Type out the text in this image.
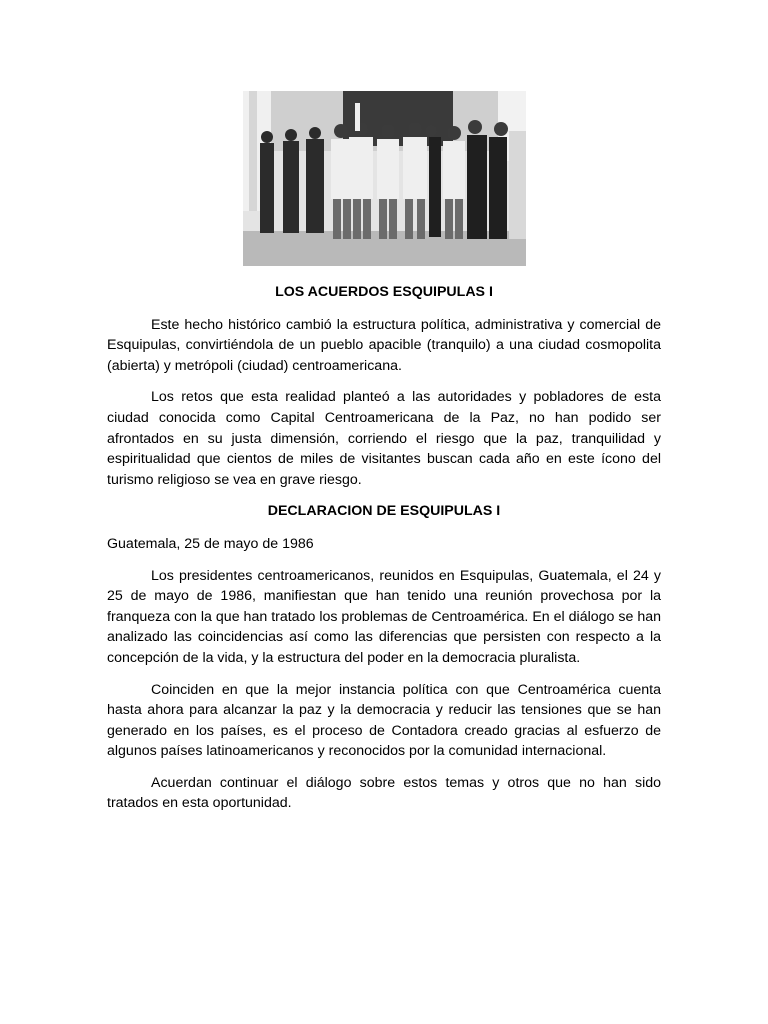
LOS ACUERDOS ESQUIPULAS I

Este hecho histórico cambió la estructura política, administrativa y comercial de Esquipulas, convirtiéndola de un pueblo apacible (tranquilo) a una ciudad cosmopolita (abierta) y metrópoli (ciudad) centroamericana.

Los retos que esta realidad planteó a las autoridades y pobladores de esta ciudad conocida como Capital Centroamericana de la Paz, no han podido ser afrontados en su justa dimensión, corriendo el riesgo que la paz, tranquilidad y espiritualidad que cientos de miles de visitantes buscan cada año en este ícono del turismo religioso se vea en grave riesgo.

DECLARACION DE ESQUIPULAS I

Guatemala, 25 de mayo de 1986

Los presidentes centroamericanos, reunidos en Esquipulas, Guatemala, el 24 y 25 de mayo de 1986, manifiestan que han tenido una reunión provechosa por la franqueza con la que han tratado los problemas de Centroamérica. En el diálogo se han analizado las coincidencias así como las diferencias que persisten con respecto a la concepción de la vida, y la estructura del poder en la democracia pluralista.

Coinciden en que la mejor instancia política con que Centroamérica cuenta hasta ahora para alcanzar la paz y la democracia y reducir las tensiones que se han generado en los países, es el proceso de Contadora creado gracias al esfuerzo de algunos países latinoamericanos y reconocidos por la comunidad internacional.

Acuerdan continuar el diálogo sobre estos temas y otros que no han sido tratados en esta oportunidad.
